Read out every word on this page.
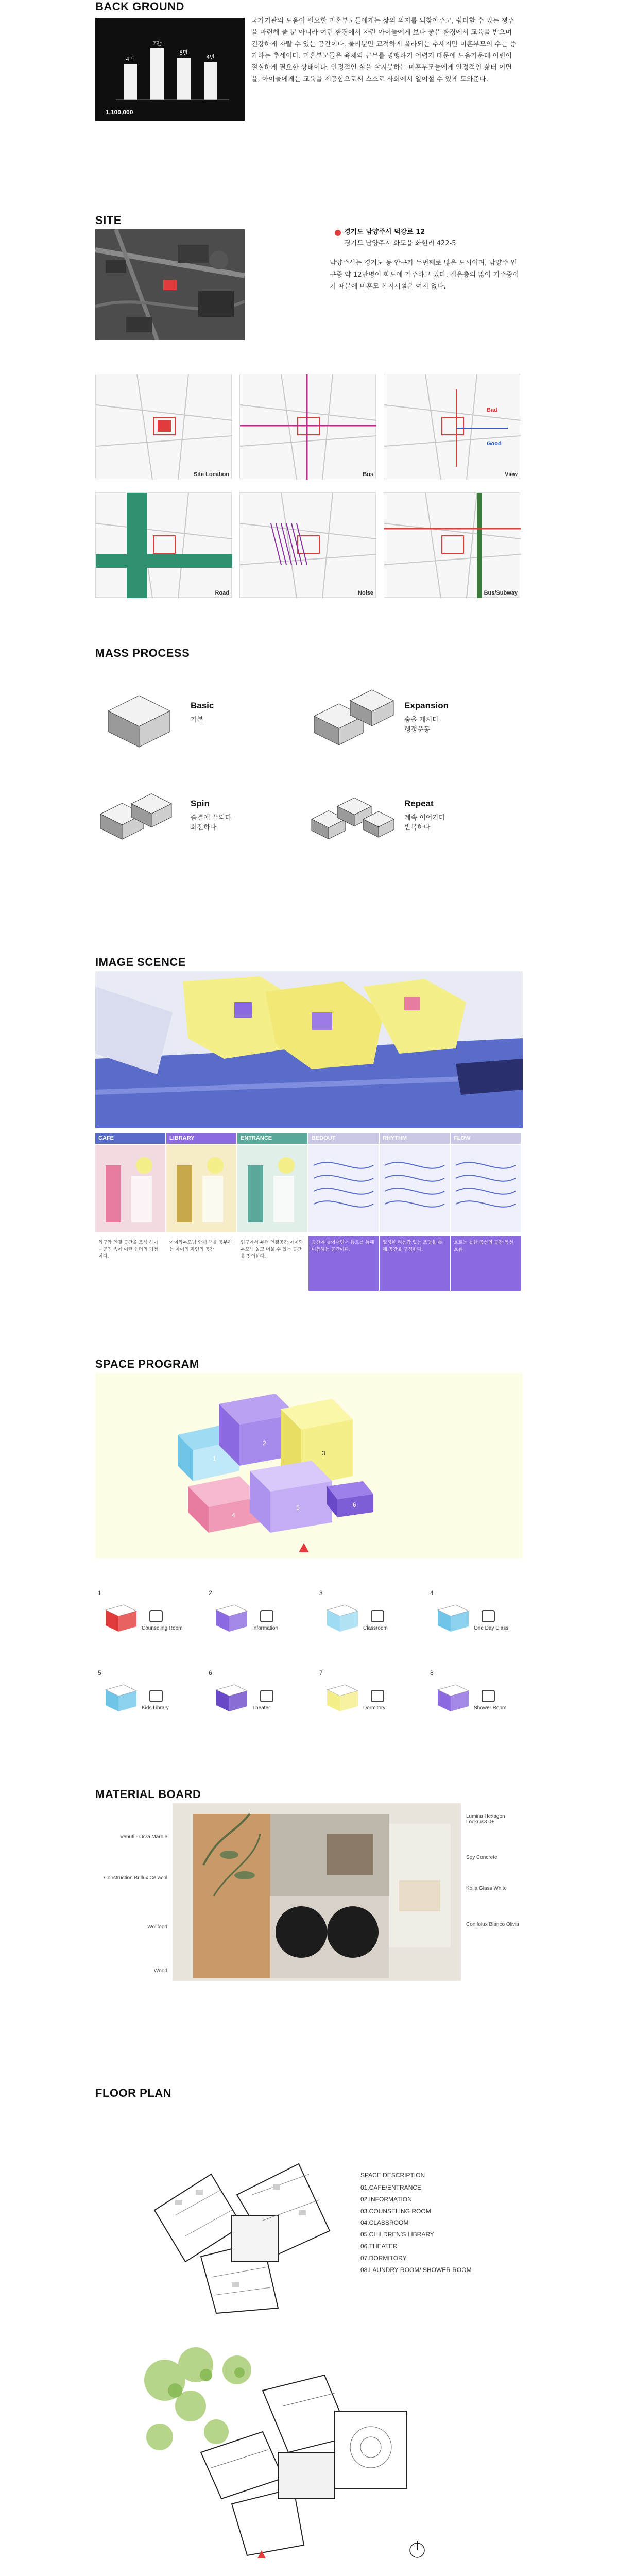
BACK GROUND
4만
7만
5만
4만
1,100,000

국가기관의 도움이 필요한 미혼부모들에게는 삶의 의지를 되찾아주고, 쉼터할 수 있는 챙주을 마련해 줄 뿐 아니라 여린 환경에서 자란 아이들에게 보다 좋은 환경에서 교육을 받으며 건강하게 자랄 수 있는 공간이다. 물리뿐만 교적하게 올라되는 추세지만 미혼부모의 수는 증가하는 추세이다. 미혼부모들은 육체와 근무를 병행하기 어렵기 때문에 도움가운데 이런이 절실하게 필요한 상태이다. 안정적인 삶을 살지못하는 미혼부모들에게 안정적인 삶터 이면을, 아이들에게는 교육을 제공함으로써 스스로 사회에서 일어설 수 있게 도와준다.

SITE
경기도 남양주시 덕강로 12
경기도 남양주시 화도읍 화현리 422-5

남양주시는 경기도 동 안구가 두번째로 많은 도시이며, 남양주 인구중 약 12만명이 화도에 거주하고 있다. 젊은층의 많이 거주중이기 때문에 미혼모 복지시설은 여지 없다.

Site Location	Bus	View
Road	Noise	Bus/Subway
Bad
Good
MASS PROCESS
Basic
기본
Expansion
숨을 개시다
행정운동
Spin
숨결에 끝의다
회전하다
Repeat
계속 이어가다
반복하다
IMAGE SCENCE
CAFE
입구와 연결 공간을 조성 하이 대공연 속에 이런 쉼터의 거점이다.
LIBRARY
아이와부모님 함께 책을 공부하는 아이의 자연의 공간
ENTRANCE
입구에서 부터 연결공간 아이와 부모님 놀고 머물 수 있는 공간을 정의한다.
BEDOUT
공간에 들어서면서 통로를 통해 이동하는 공간이다.
RHYTHM
일정한 리듬감 있는 조명을 통해 공간을 구성한다.
FLOW
흐르는 듯한 곡선의 공간 동선 흐름
SPACE PROGRAM
1
2
3
4
5	6
1
Counseling Room
2
Information
3
Classroom
4
One Day Class
5
Kids Library
6
Theater
7
Dormitory
8
Shower Room
MATERIAL BOARD
Venuti - Ocra Marble
Construction Brillux Ceracol
Wollfood
Wood
Lumina Hexagon Lockrus3.0+
Spy Concrete
Kolla Glass White
Conifolux Blanco Olivia
FLOOR PLAN
SPACE DESCRIPTION
01.CAFE/ENTRANCE
02.INFORMATION
03.COUNSELING ROOM
04.CLASSROOM
05.CHILDREN'S LIBRARY
06.THEATER
07.DORMITORY
08.LAUNDRY ROOM/ SHOWER ROOM
